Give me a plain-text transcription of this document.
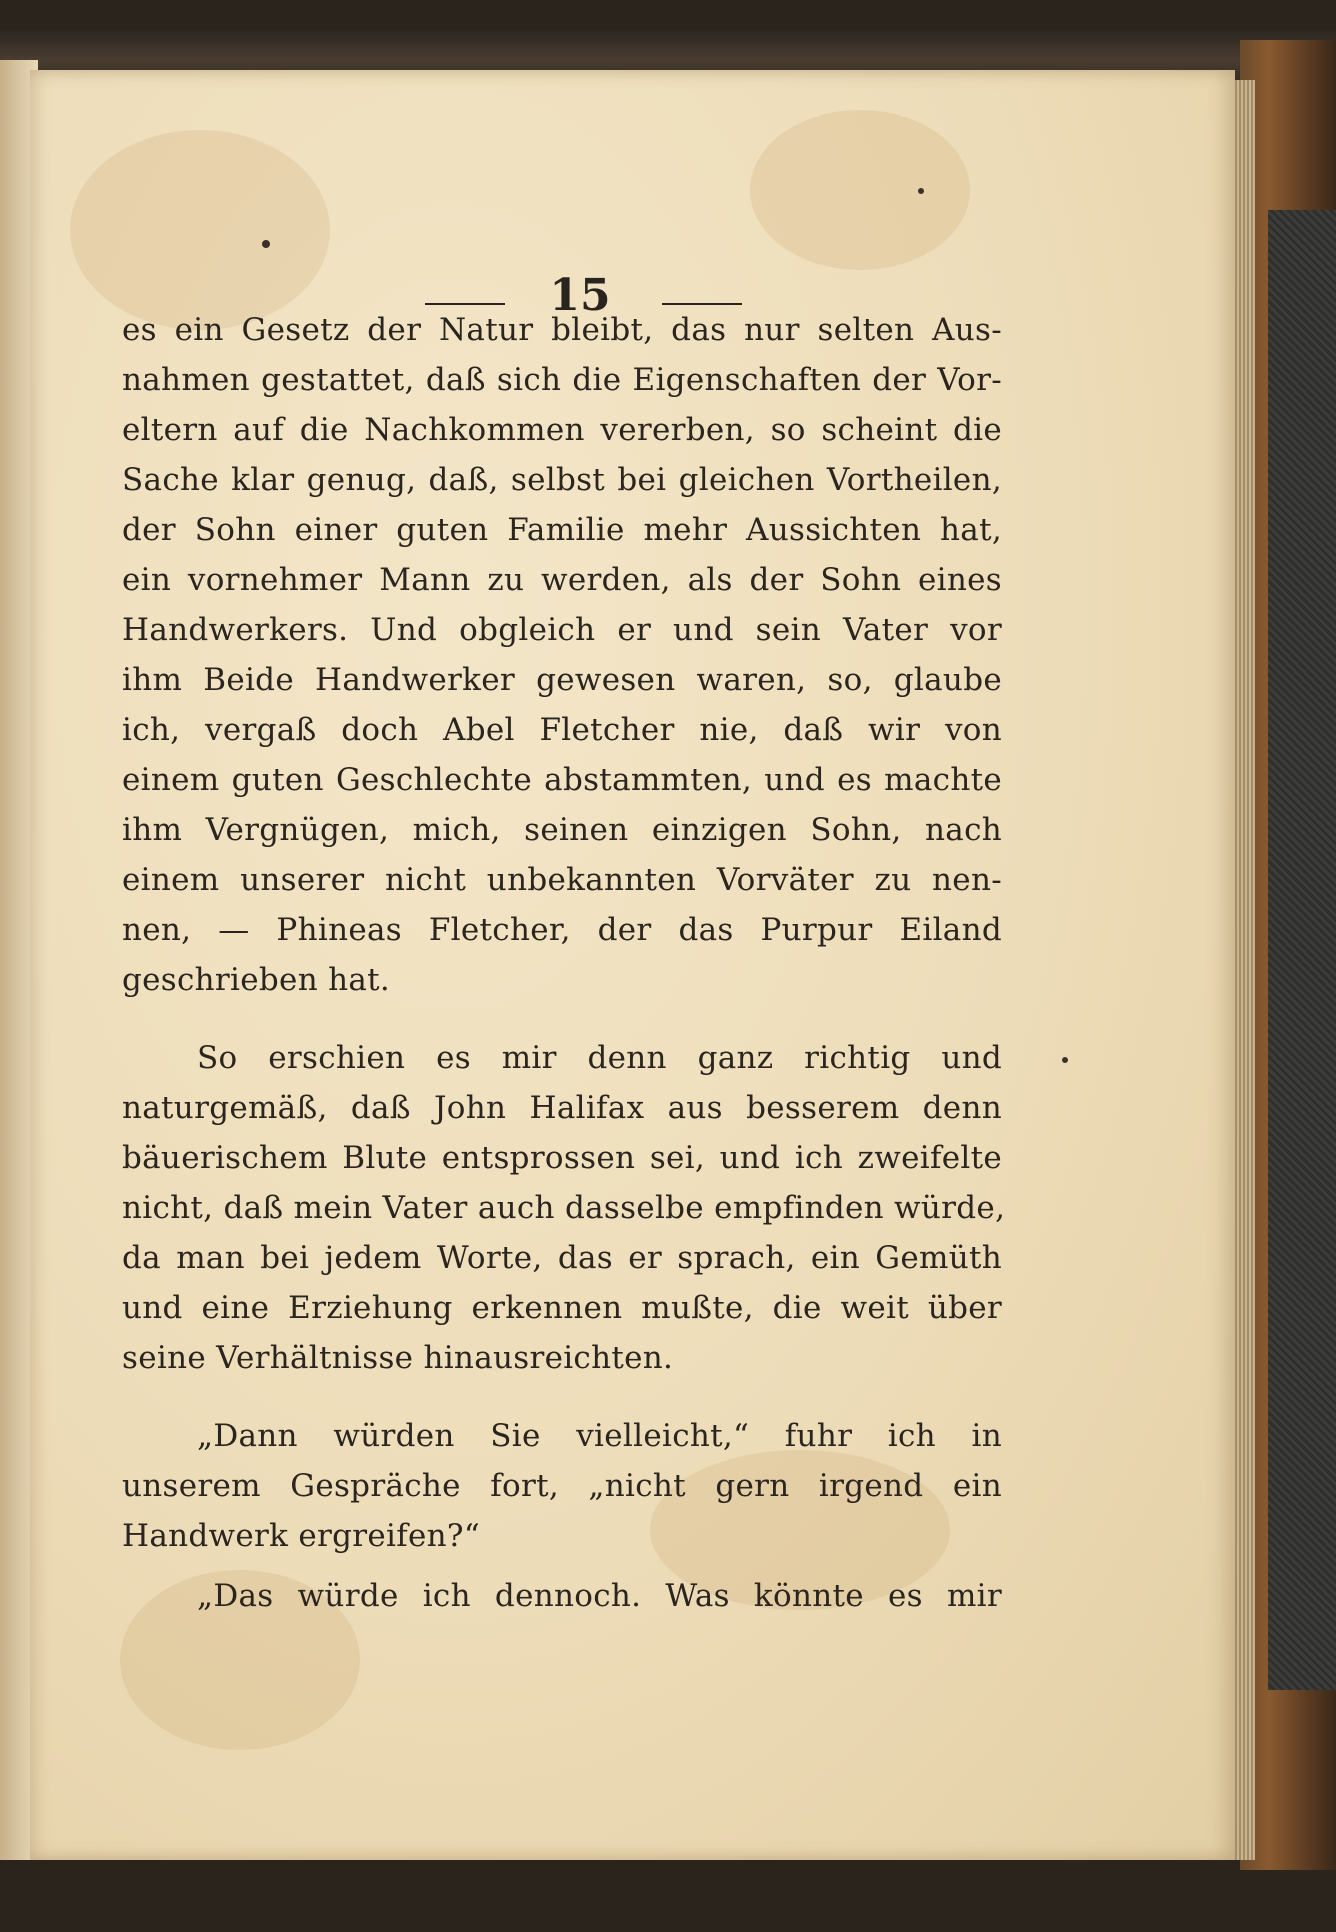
15
es ein Gesetz der Natur bleibt, das nur selten Aus-
nahmen gestattet, daß sich die Eigenschaften der Vor-
eltern auf die Nachkommen vererben, so scheint die
Sache klar genug, daß, selbst bei gleichen Vortheilen,
der Sohn einer guten Familie mehr Aussichten hat,
ein vornehmer Mann zu werden, als der Sohn eines
Handwerkers. Und obgleich er und sein Vater vor
ihm Beide Handwerker gewesen waren, so, glaube
ich, vergaß doch Abel Fletcher nie, daß wir von
einem guten Geschlechte abstammten, und es machte
ihm Vergnügen, mich, seinen einzigen Sohn, nach
einem unserer nicht unbekannten Vorväter zu nen-
nen, — Phineas Fletcher, der das Purpur Eiland
geschrieben hat.
So erschien es mir denn ganz richtig und
naturgemäß, daß John Halifax aus besserem denn
bäuerischem Blute entsprossen sei, und ich zweifelte
nicht, daß mein Vater auch dasselbe empfinden würde,
da man bei jedem Worte, das er sprach, ein Gemüth
und eine Erziehung erkennen mußte, die weit über
seine Verhältnisse hinausreichten.
„Dann würden Sie vielleicht,“ fuhr ich in
unserem Gespräche fort, „nicht gern irgend ein
Handwerk ergreifen?“
„Das würde ich dennoch. Was könnte es mir
